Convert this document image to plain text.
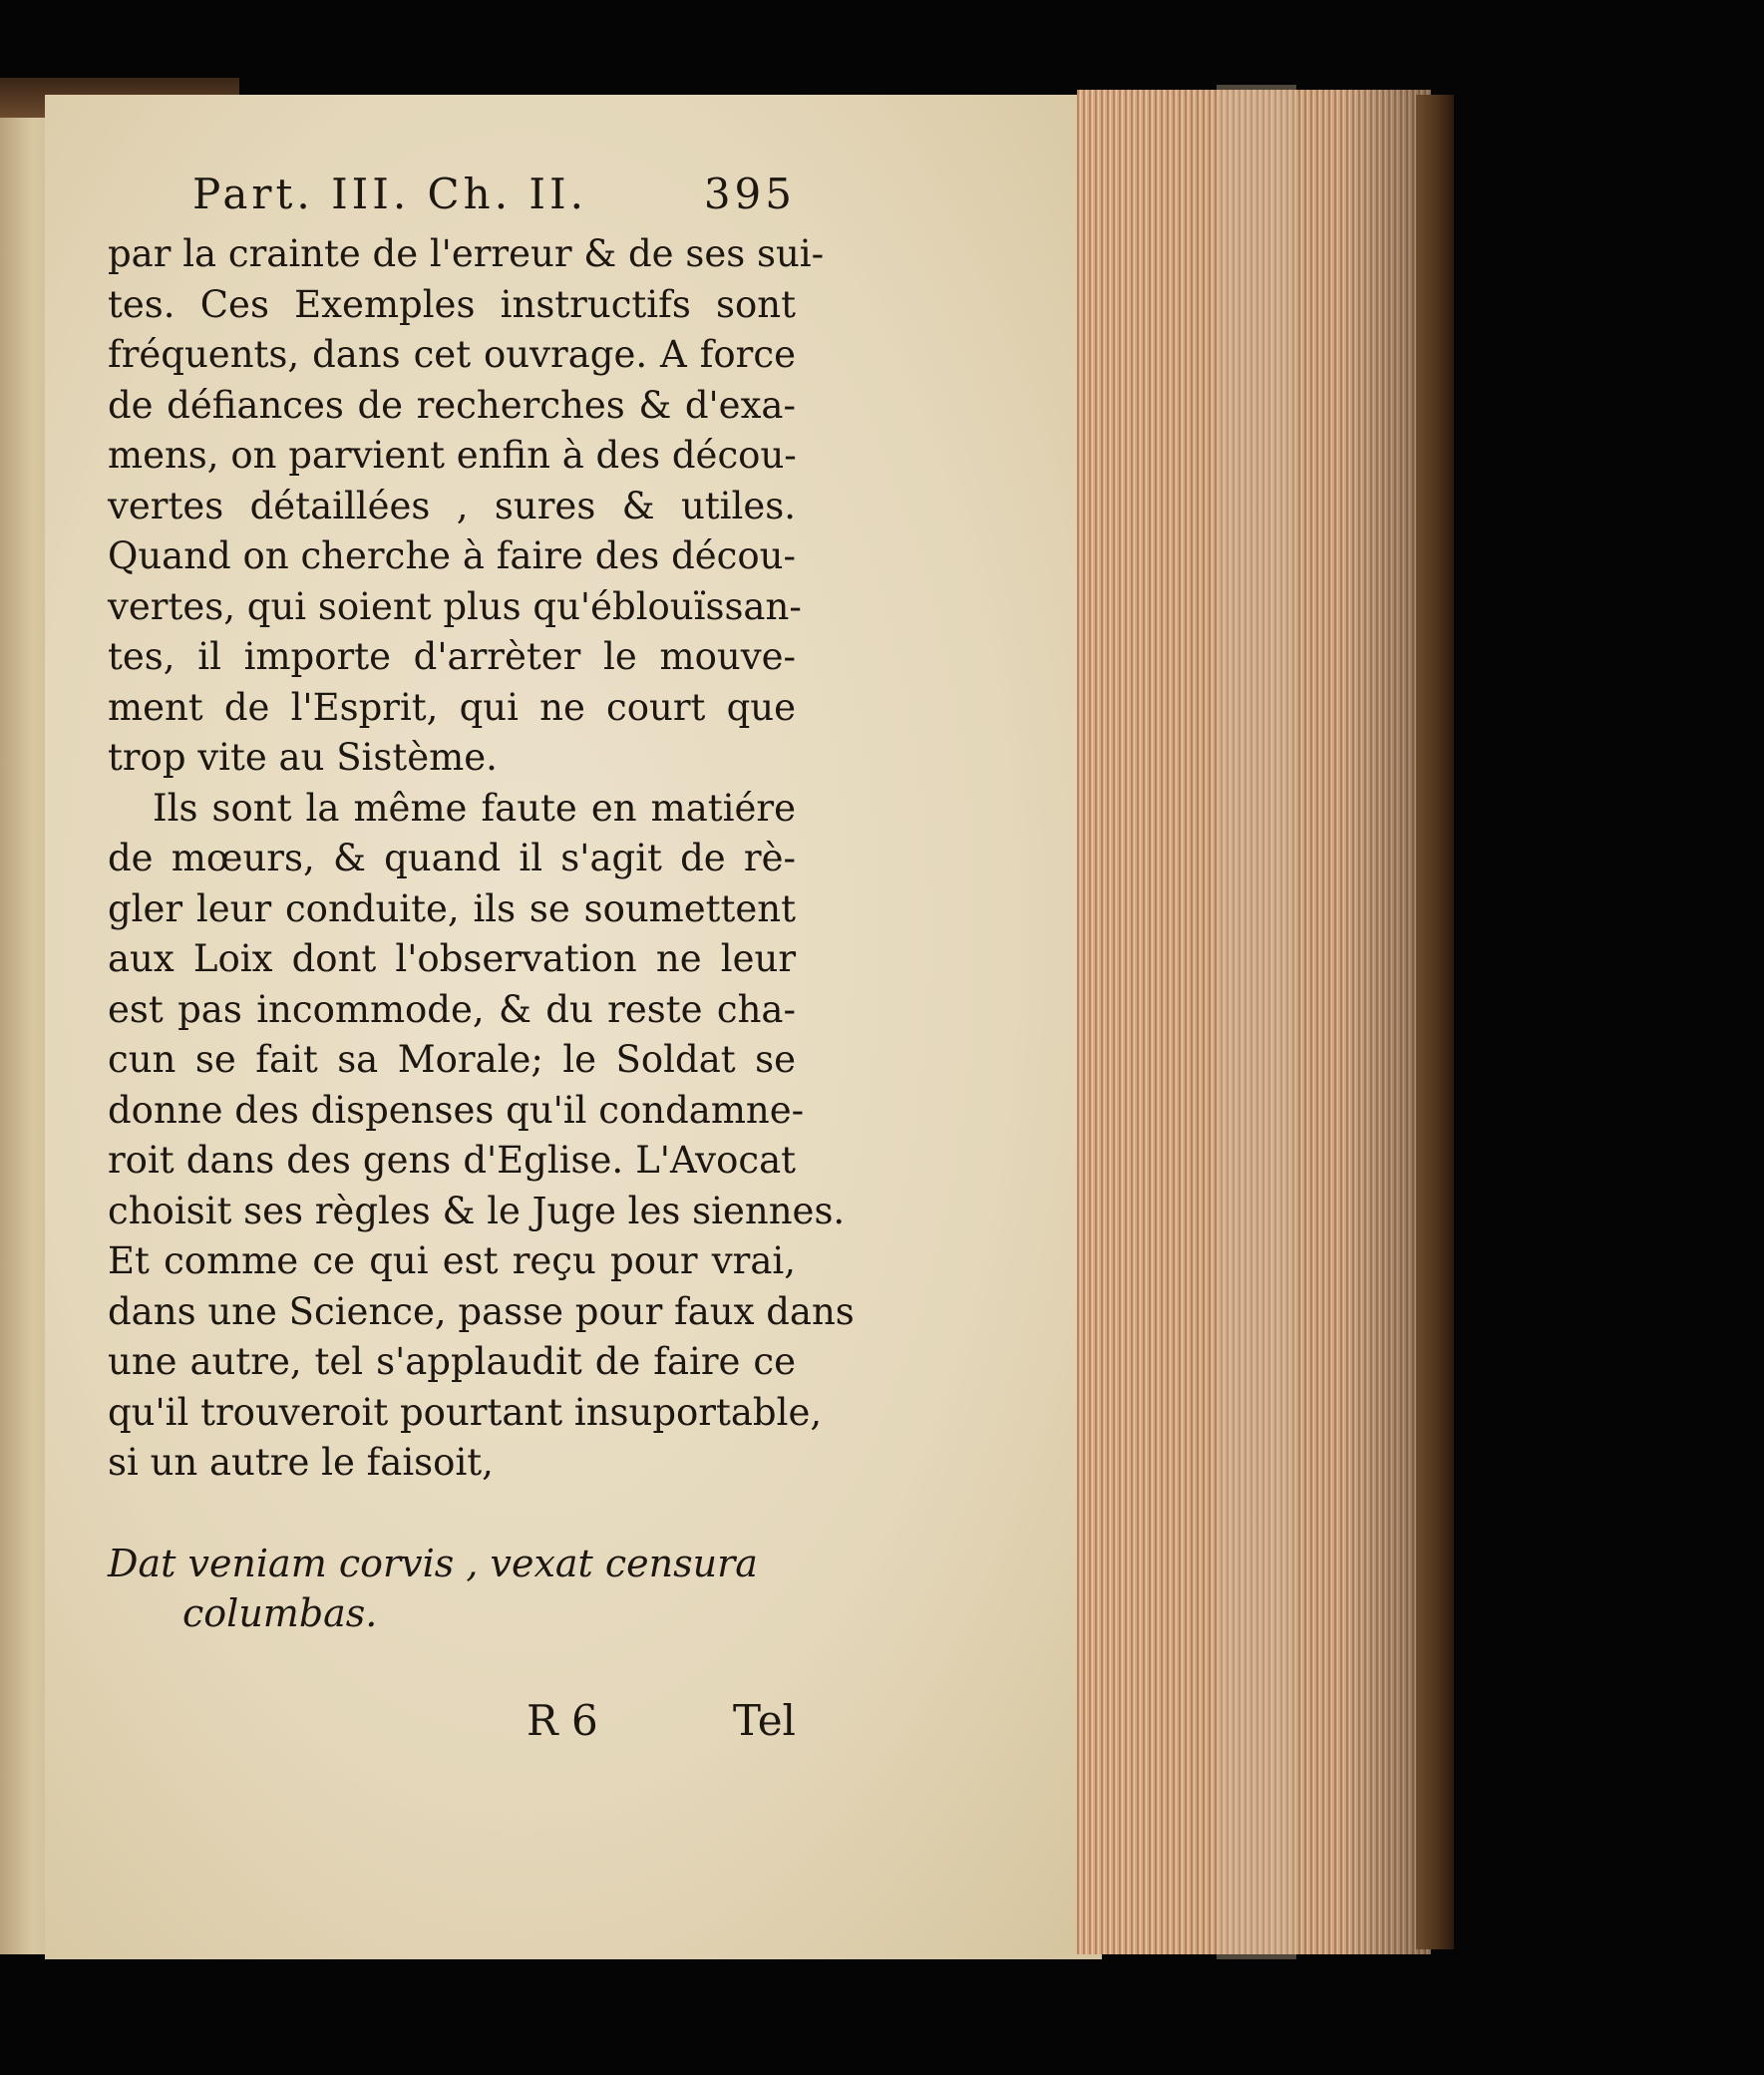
Part. III. Ch. II.	395
par la crainte de l'erreur & de ses sui-
tes. Ces Exemples instructifs sont
fréquents, dans cet ouvrage. A force
de défiances de recherches & d'exa-
mens, on parvient enfin à des décou-
vertes détaillées , sures & utiles.
Quand on cherche à faire des décou-
vertes, qui soient plus qu'éblouïssan-
tes, il importe d'arrèter le mouve-
ment de l'Esprit, qui ne court que
trop vite au Sistème.
Ils sont la même faute en matiére
de mœurs, & quand il s'agit de rè-
gler leur conduite, ils se soumettent
aux Loix dont l'observation ne leur
est pas incommode, & du reste cha-
cun se fait sa Morale; le Soldat se
donne des dispenses qu'il condamne-
roit dans des gens d'Eglise. L'Avocat
choisit ses règles & le Juge les siennes.
Et comme ce qui est reçu pour vrai,
dans une Science, passe pour faux dans
une autre, tel s'applaudit de faire ce
qu'il trouveroit pourtant insuportable,
si un autre le faisoit,
Dat veniam corvis , vexat censura
columbas.
R 6	Tel
